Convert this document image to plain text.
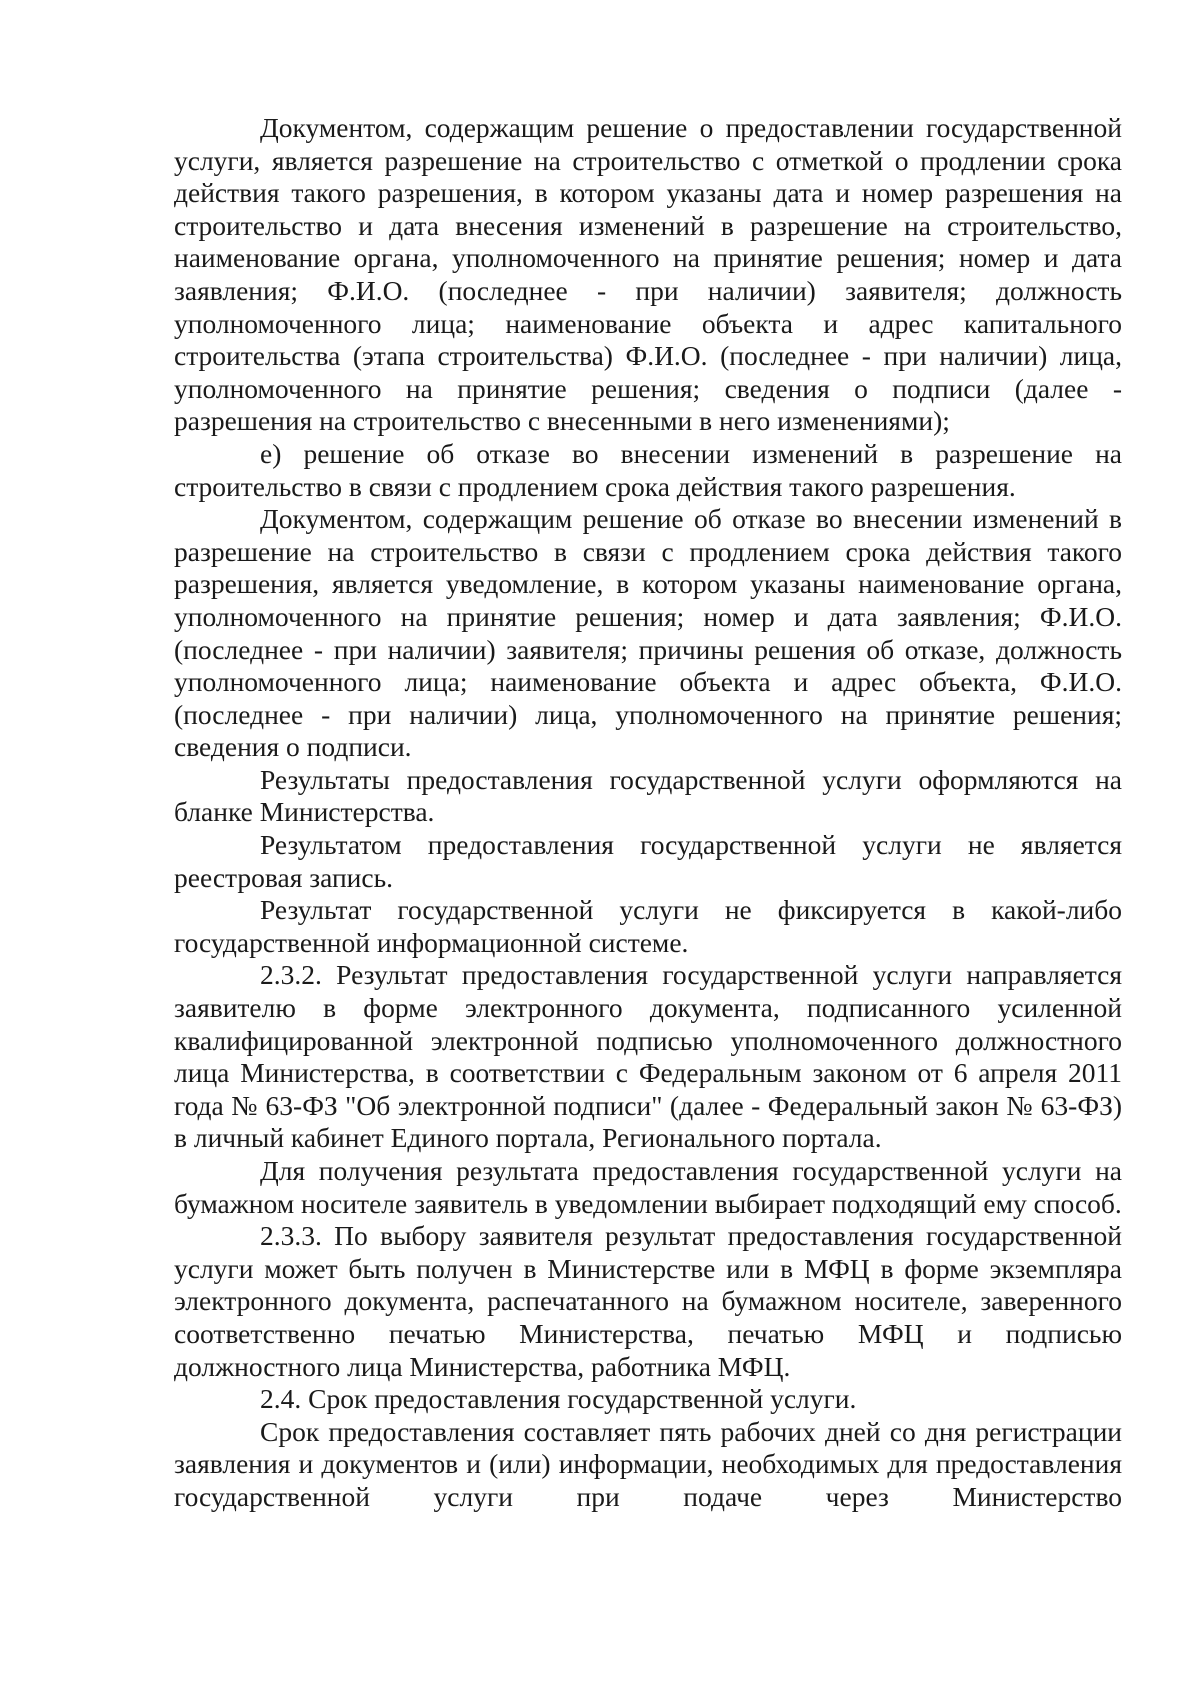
Документом, содержащим решение о предоставлении государственной услуги, является разрешение на строительство с отметкой о продлении срока действия такого разрешения, в котором указаны дата и номер разрешения на строительство и дата внесения изменений в разрешение на строительство, наименование органа, уполномоченного на принятие решения; номер и дата заявления; Ф.И.О. (последнее - при наличии) заявителя; должность уполномоченного лица; наименование объекта и адрес капитального строительства (этапа строительства) Ф.И.О. (последнее - при наличии) лица, уполномоченного на принятие решения; сведения о подписи (далее - разрешения на строительство с внесенными в него изменениями);

е) решение об отказе во внесении изменений в разрешение на строительство в связи с продлением срока действия такого разрешения.

Документом, содержащим решение об отказе во внесении изменений в разрешение на строительство в связи с продлением срока действия такого разрешения, является уведомление, в котором указаны наименование органа, уполномоченного на принятие решения; номер и дата заявления; Ф.И.О. (последнее - при наличии) заявителя; причины решения об отказе, должность уполномоченного лица; наименование объекта и адрес объекта, Ф.И.О. (последнее - при наличии) лица, уполномоченного на принятие решения; сведения о подписи.

Результаты предоставления государственной услуги оформляются на бланке Министерства.

Результатом предоставления государственной услуги не является реестровая запись.

Результат государственной услуги не фиксируется в какой-либо государственной информационной системе.

2.3.2. Результат предоставления государственной услуги направляется заявителю в форме электронного документа, подписанного усиленной квалифицированной электронной подписью уполномоченного должностного лица Министерства, в соответствии с Федеральным законом от 6 апреля 2011 года № 63-ФЗ "Об электронной подписи" (далее - Федеральный закон № 63-ФЗ) в личный кабинет Единого портала, Регионального портала.

Для получения результата предоставления государственной услуги на бумажном носителе заявитель в уведомлении выбирает подходящий ему способ.

2.3.3. По выбору заявителя результат предоставления государственной услуги может быть получен в Министерстве или в МФЦ в форме экземпляра электронного документа, распечатанного на бумажном носителе, заверенного соответственно печатью Министерства, печатью МФЦ и подписью должностного лица Министерства, работника МФЦ.

2.4. Срок предоставления государственной услуги.

Срок предоставления составляет пять рабочих дней со дня регистрации заявления и документов и (или) информации, необходимых для предоставления государственной услуги при подаче через Министерство
